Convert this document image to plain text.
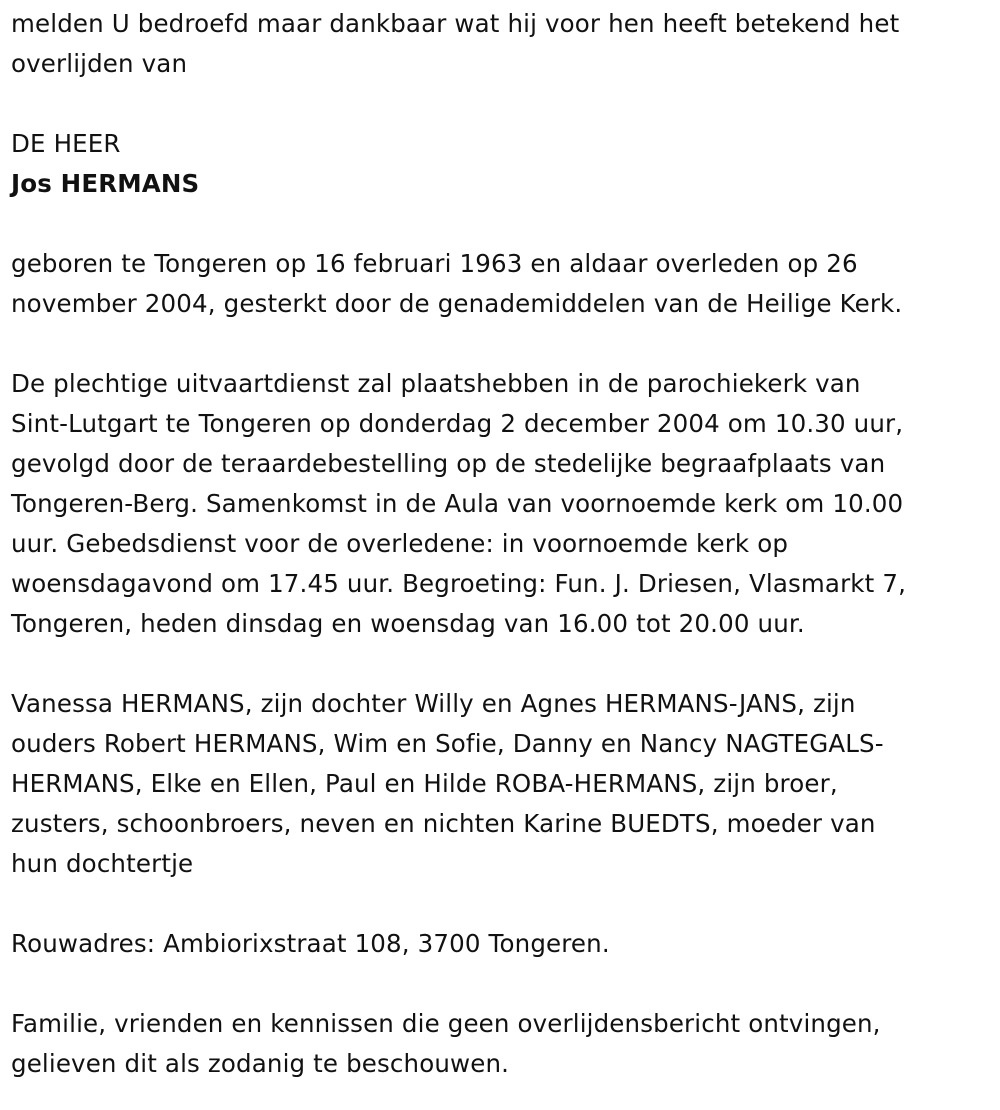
melden U bedroefd maar dankbaar wat hij voor hen heeft betekend het
overlijden van

DE HEER

Jos HERMANS

geboren te Tongeren op 16 februari 1963 en aldaar overleden op 26
november 2004, gesterkt door de genademiddelen van de Heilige Kerk.

De plechtige uitvaartdienst zal plaatshebben in de parochiekerk van
Sint-Lutgart te Tongeren op donderdag 2 december 2004 om 10.30 uur,
gevolgd door de teraardebestelling op de stedelijke begraafplaats van
Tongeren-Berg. Samenkomst in de Aula van voornoemde kerk om 10.00
uur. Gebedsdienst voor de overledene: in voornoemde kerk op
woensdagavond om 17.45 uur. Begroeting: Fun. J. Driesen, Vlasmarkt 7,
Tongeren, heden dinsdag en woensdag van 16.00 tot 20.00 uur.

Vanessa HERMANS, zijn dochter Willy en Agnes HERMANS-JANS, zijn
ouders Robert HERMANS, Wim en Sofie, Danny en Nancy NAGTEGALS-
HERMANS, Elke en Ellen, Paul en Hilde ROBA-HERMANS, zijn broer,
zusters, schoonbroers, neven en nichten Karine BUEDTS, moeder van
hun dochtertje

Rouwadres: Ambiorixstraat 108, 3700 Tongeren.

Familie, vrienden en kennissen die geen overlijdensbericht ontvingen,
gelieven dit als zodanig te beschouwen.
